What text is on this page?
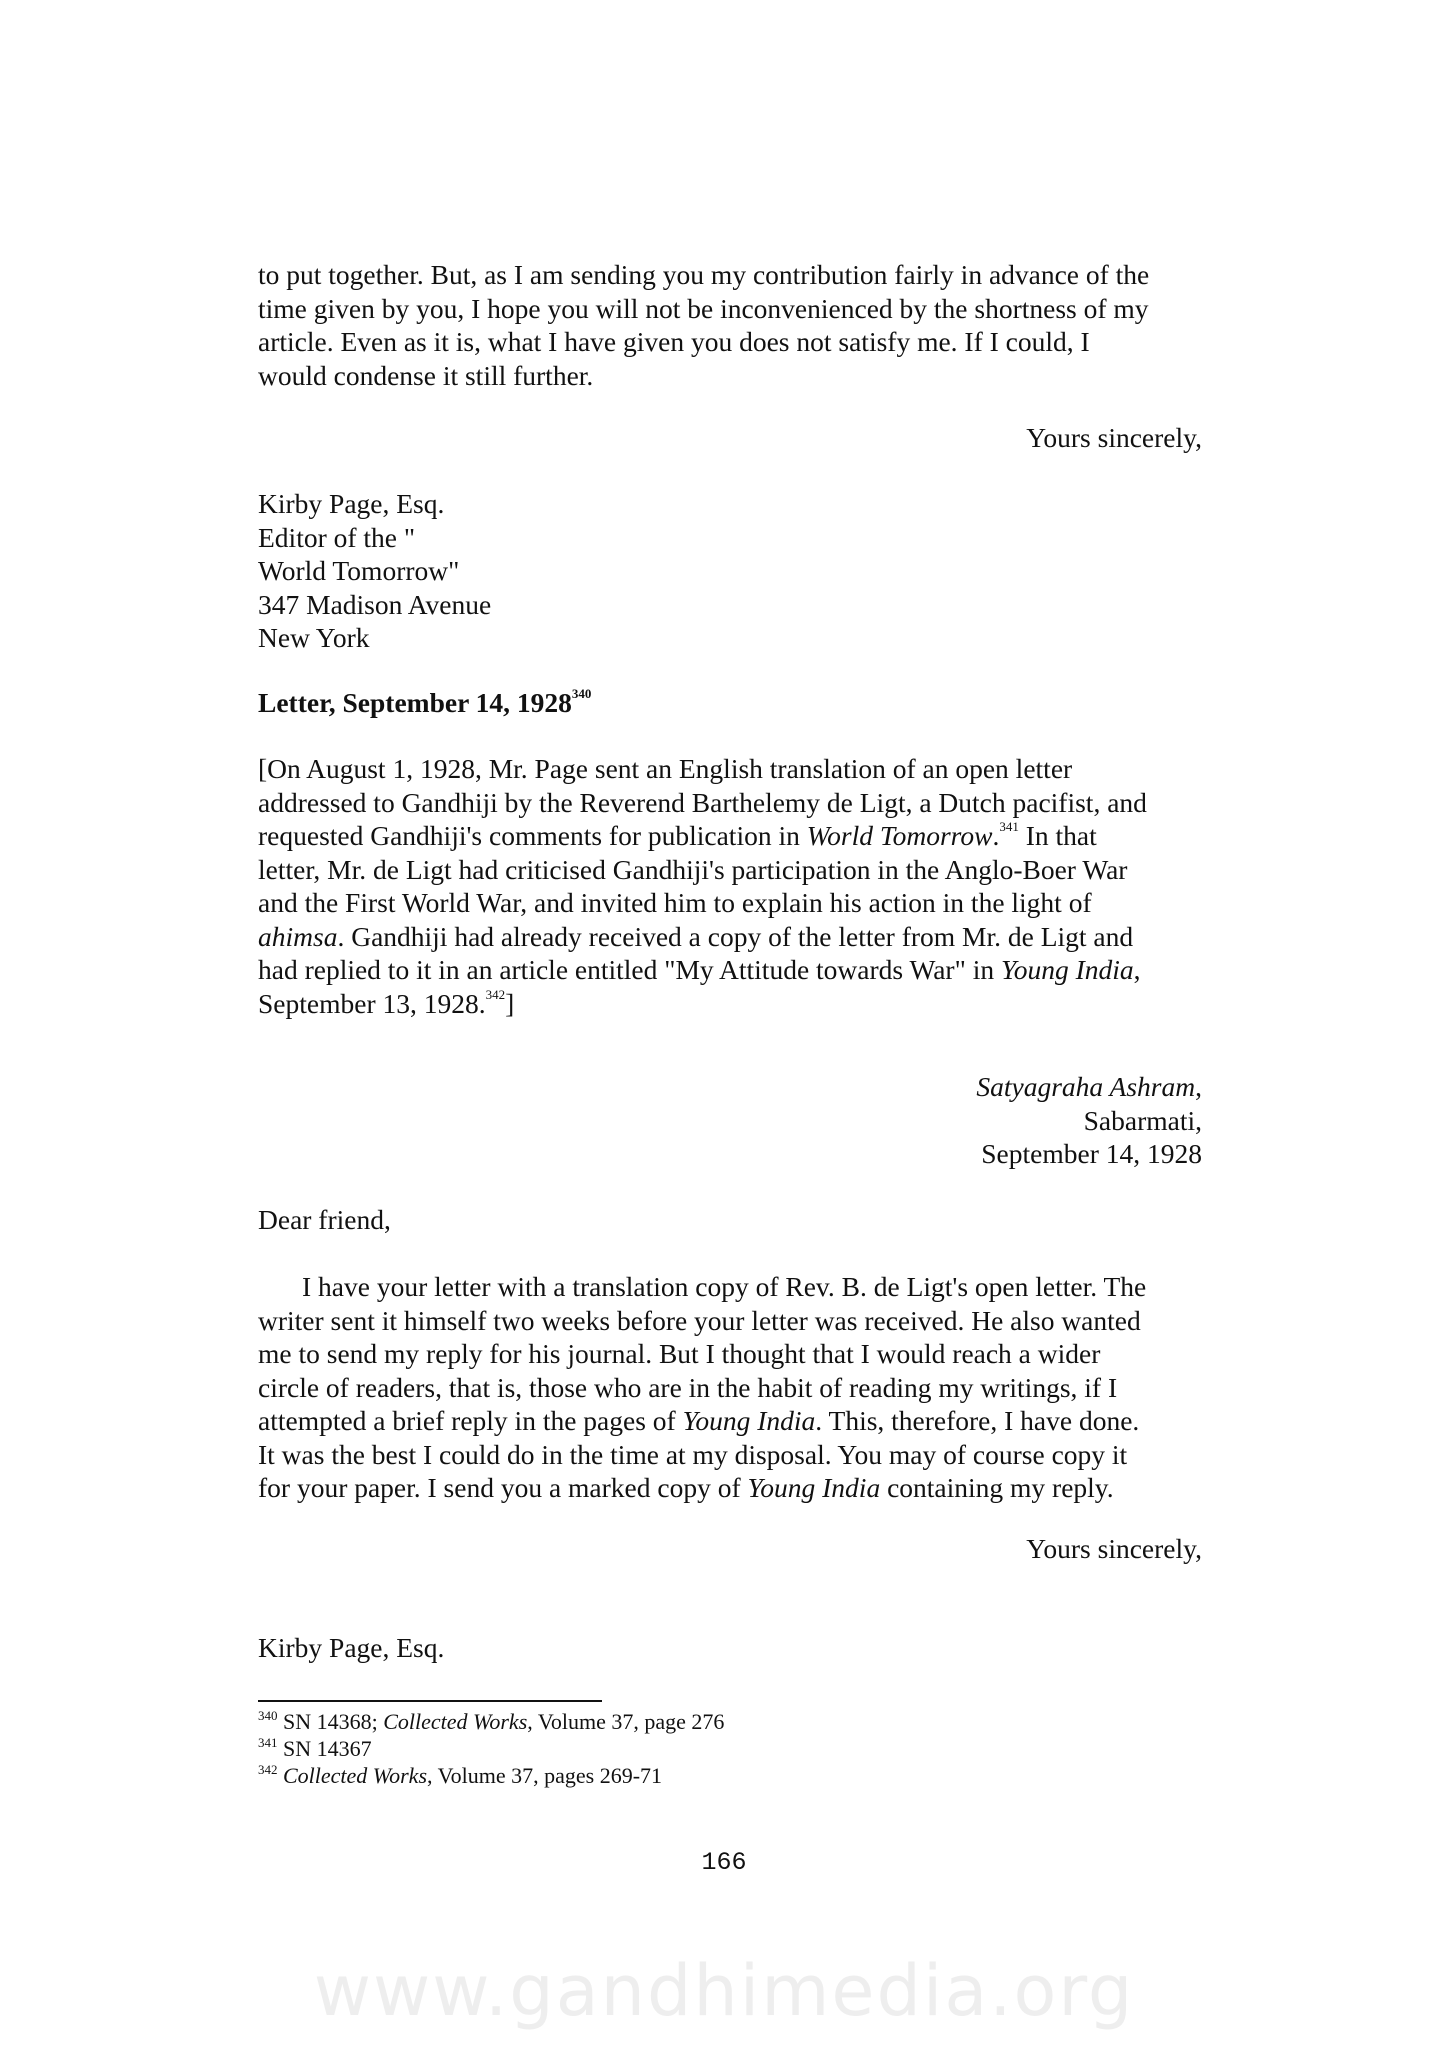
to put together. But, as I am sending you my contribution fairly in advance of the

time given by you, I hope you will not be inconvenienced by the shortness of my

article. Even as it is, what I have given you does not satisfy me. If I could, I

would condense it still further.

Yours sincerely,

Kirby Page, Esq.

Editor of the "

World Tomorrow"

347 Madison Avenue

New York

Letter, September 14, 1928$^{340}$

[On August 1, 1928, Mr. Page sent an English translation of an open letter

addressed to Gandhiji by the Reverend Barthelemy de Ligt, a Dutch pacifist, and

requested Gandhiji's comments for publication in World Tomorrow.$^{341}$ In that

letter, Mr. de Ligt had criticised Gandhiji's participation in the Anglo-Boer War

and the First World War, and invited him to explain his action in the light of

ahimsa. Gandhiji had already received a copy of the letter from Mr. de Ligt and

had replied to it in an article entitled "My Attitude towards War" in Young India,

September 13, 1928.$^{342}$]

Satyagraha Ashram,

Sabarmati,

September 14, 1928

Dear friend,

I have your letter with a translation copy of Rev. B. de Ligt's open letter. The

writer sent it himself two weeks before your letter was received. He also wanted

me to send my reply for his journal. But I thought that I would reach a wider

circle of readers, that is, those who are in the habit of reading my writings, if I

attempted a brief reply in the pages of Young India. This, therefore, I have done.

It was the best I could do in the time at my disposal. You may of course copy it

for your paper. I send you a marked copy of Young India containing my reply.

Yours sincerely,
Kirby Page, Esq.

$^{340}$ SN 14368; Collected Works, Volume 37, page 276

$^{341}$ SN 14367

$^{342}$ Collected Works, Volume 37, pages 269-71

166
www.gandhimedia.org
